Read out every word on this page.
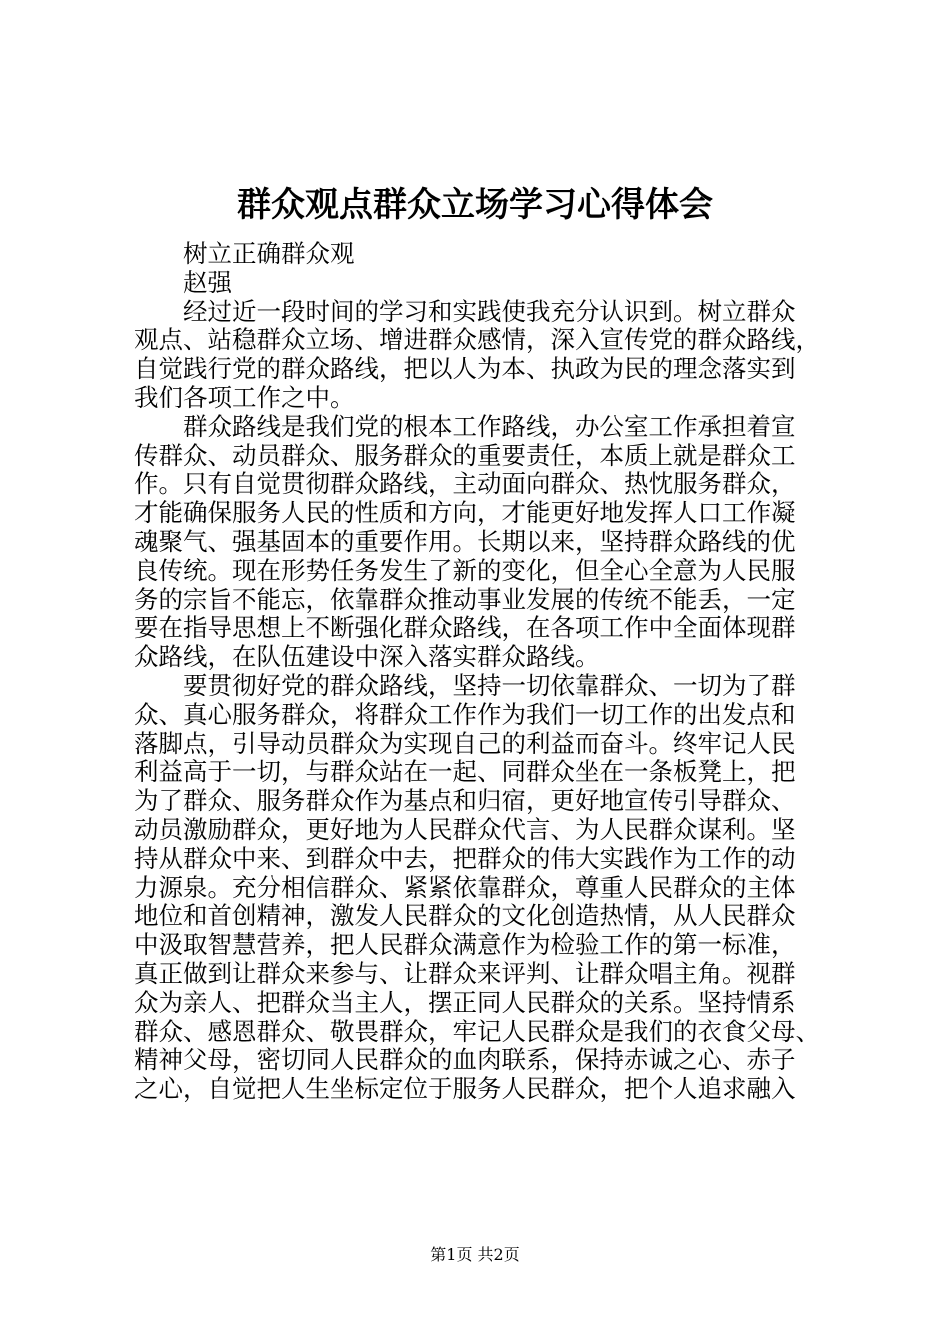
群众观点群众立场学习心得体会
树立正确群众观
赵强
经过近一段时间的学习和实践使我充分认识到。树立群众
观点、站稳群众立场、增进群众感情，深入宣传党的群众路线，
自觉践行党的群众路线，把以人为本、执政为民的理念落实到
我们各项工作之中。
群众路线是我们党的根本工作路线，办公室工作承担着宣
传群众、动员群众、服务群众的重要责任，本质上就是群众工
作。只有自觉贯彻群众路线，主动面向群众、热忱服务群众，
才能确保服务人民的性质和方向，才能更好地发挥人口工作凝
魂聚气、强基固本的重要作用。长期以来，坚持群众路线的优
良传统。现在形势任务发生了新的变化，但全心全意为人民服
务的宗旨不能忘，依靠群众推动事业发展的传统不能丢，一定
要在指导思想上不断强化群众路线，在各项工作中全面体现群
众路线，在队伍建设中深入落实群众路线。
要贯彻好党的群众路线，坚持一切依靠群众、一切为了群
众、真心服务群众，将群众工作作为我们一切工作的出发点和
落脚点，引导动员群众为实现自己的利益而奋斗。终牢记人民
利益高于一切，与群众站在一起、同群众坐在一条板凳上，把
为了群众、服务群众作为基点和归宿，更好地宣传引导群众、
动员激励群众，更好地为人民群众代言、为人民群众谋利。坚
持从群众中来、到群众中去，把群众的伟大实践作为工作的动
力源泉。充分相信群众、紧紧依靠群众，尊重人民群众的主体
地位和首创精神，激发人民群众的文化创造热情，从人民群众
中汲取智慧营养，把人民群众满意作为检验工作的第一标准，
真正做到让群众来参与、让群众来评判、让群众唱主角。视群
众为亲人、把群众当主人，摆正同人民群众的关系。坚持情系
群众、感恩群众、敬畏群众，牢记人民群众是我们的衣食父母、
精神父母，密切同人民群众的血肉联系，保持赤诚之心、赤子
之心，自觉把人生坐标定位于服务人民群众，把个人追求融入
第1页 共2页
